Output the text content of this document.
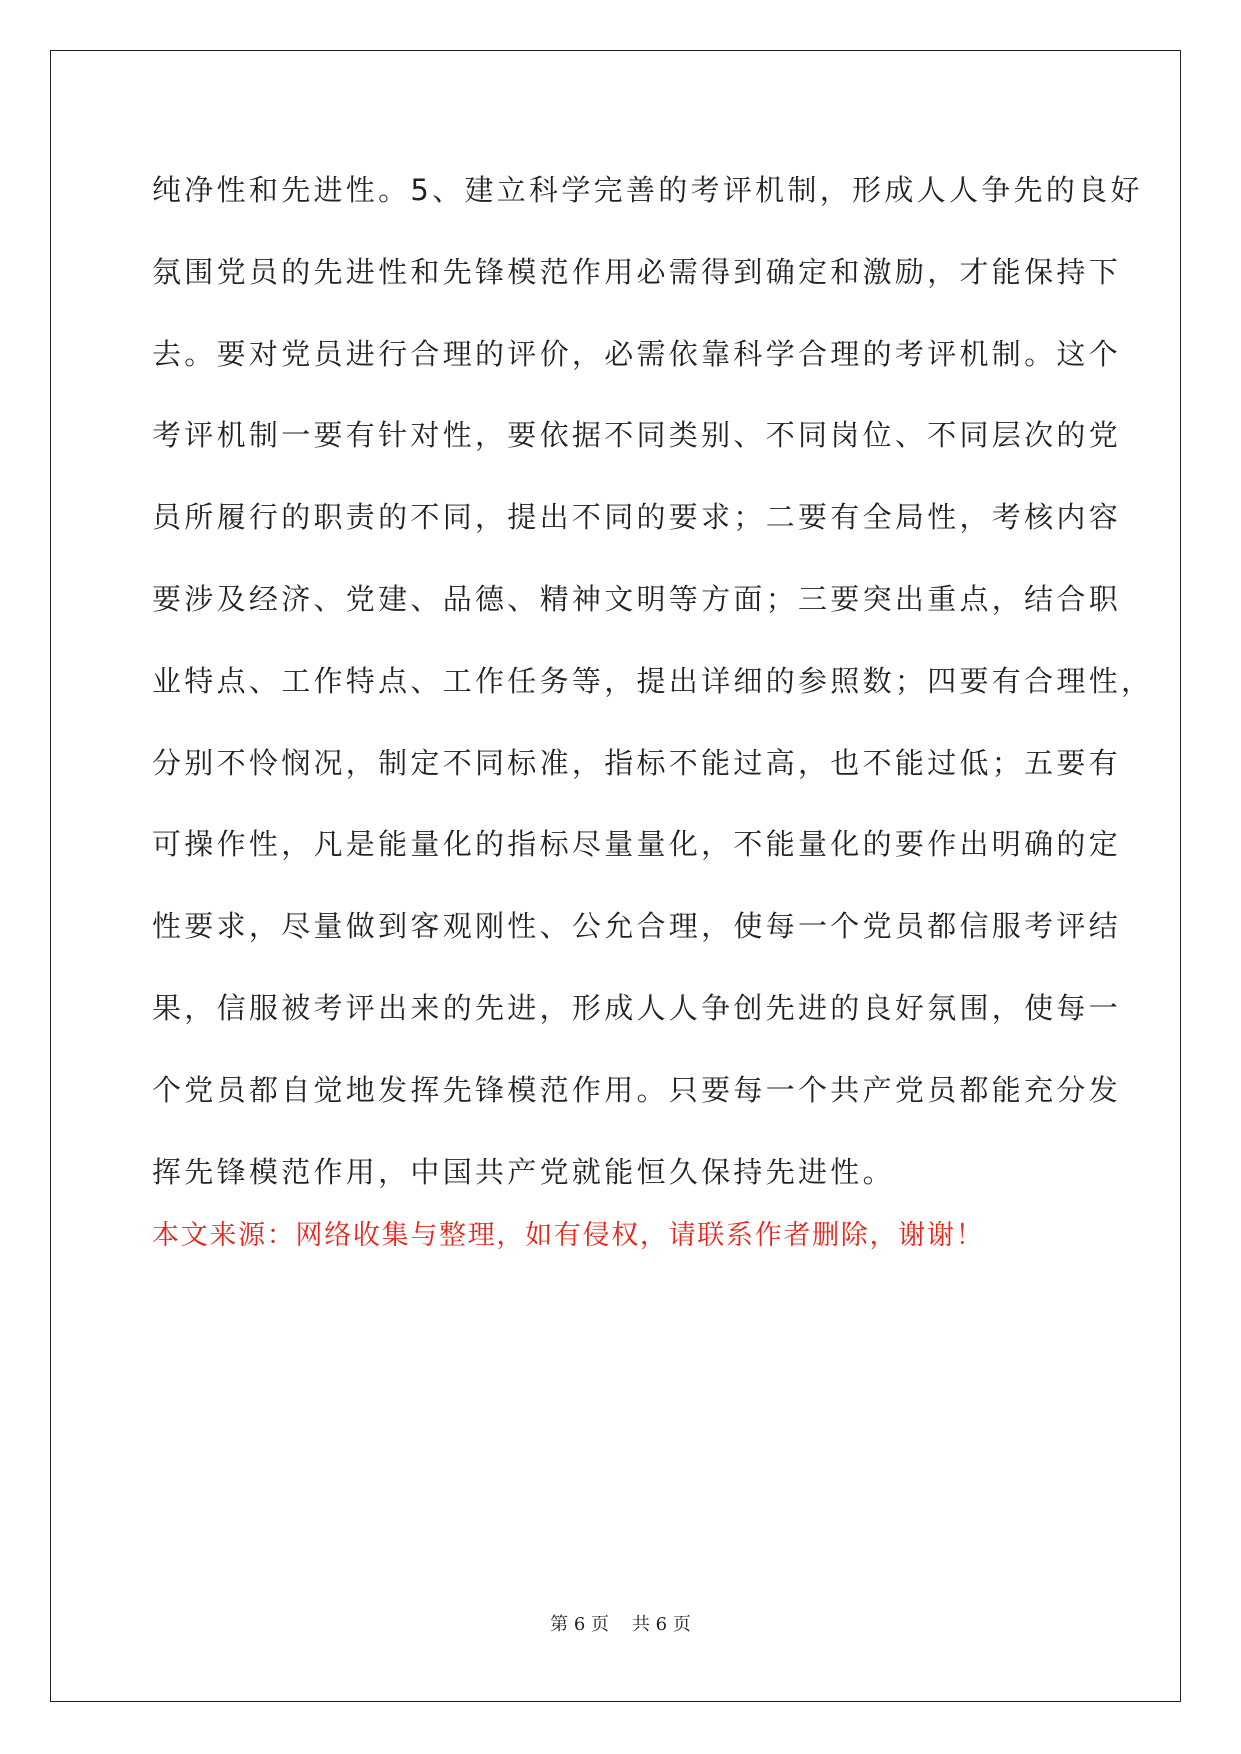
纯净性和先进性。5、建立科学完善的考评机制，形成人人争先的良好
氛围党员的先进性和先锋模范作用必需得到确定和激励，才能保持下
去。要对党员进行合理的评价，必需依靠科学合理的考评机制。这个
考评机制一要有针对性，要依据不同类别、不同岗位、不同层次的党
员所履行的职责的不同，提出不同的要求；二要有全局性，考核内容
要涉及经济、党建、品德、精神文明等方面；三要突出重点，结合职
业特点、工作特点、工作任务等，提出详细的参照数；四要有合理性，
分别不怜悯况，制定不同标准，指标不能过高，也不能过低；五要有
可操作性，凡是能量化的指标尽量量化，不能量化的要作出明确的定
性要求，尽量做到客观刚性、公允合理，使每一个党员都信服考评结
果，信服被考评出来的先进，形成人人争创先进的良好氛围，使每一
个党员都自觉地发挥先锋模范作用。只要每一个共产党员都能充分发
挥先锋模范作用，中国共产党就能恒久保持先进性。
本文来源：网络收集与整理，如有侵权，请联系作者删除，谢谢！
第 6 页    共 6 页
